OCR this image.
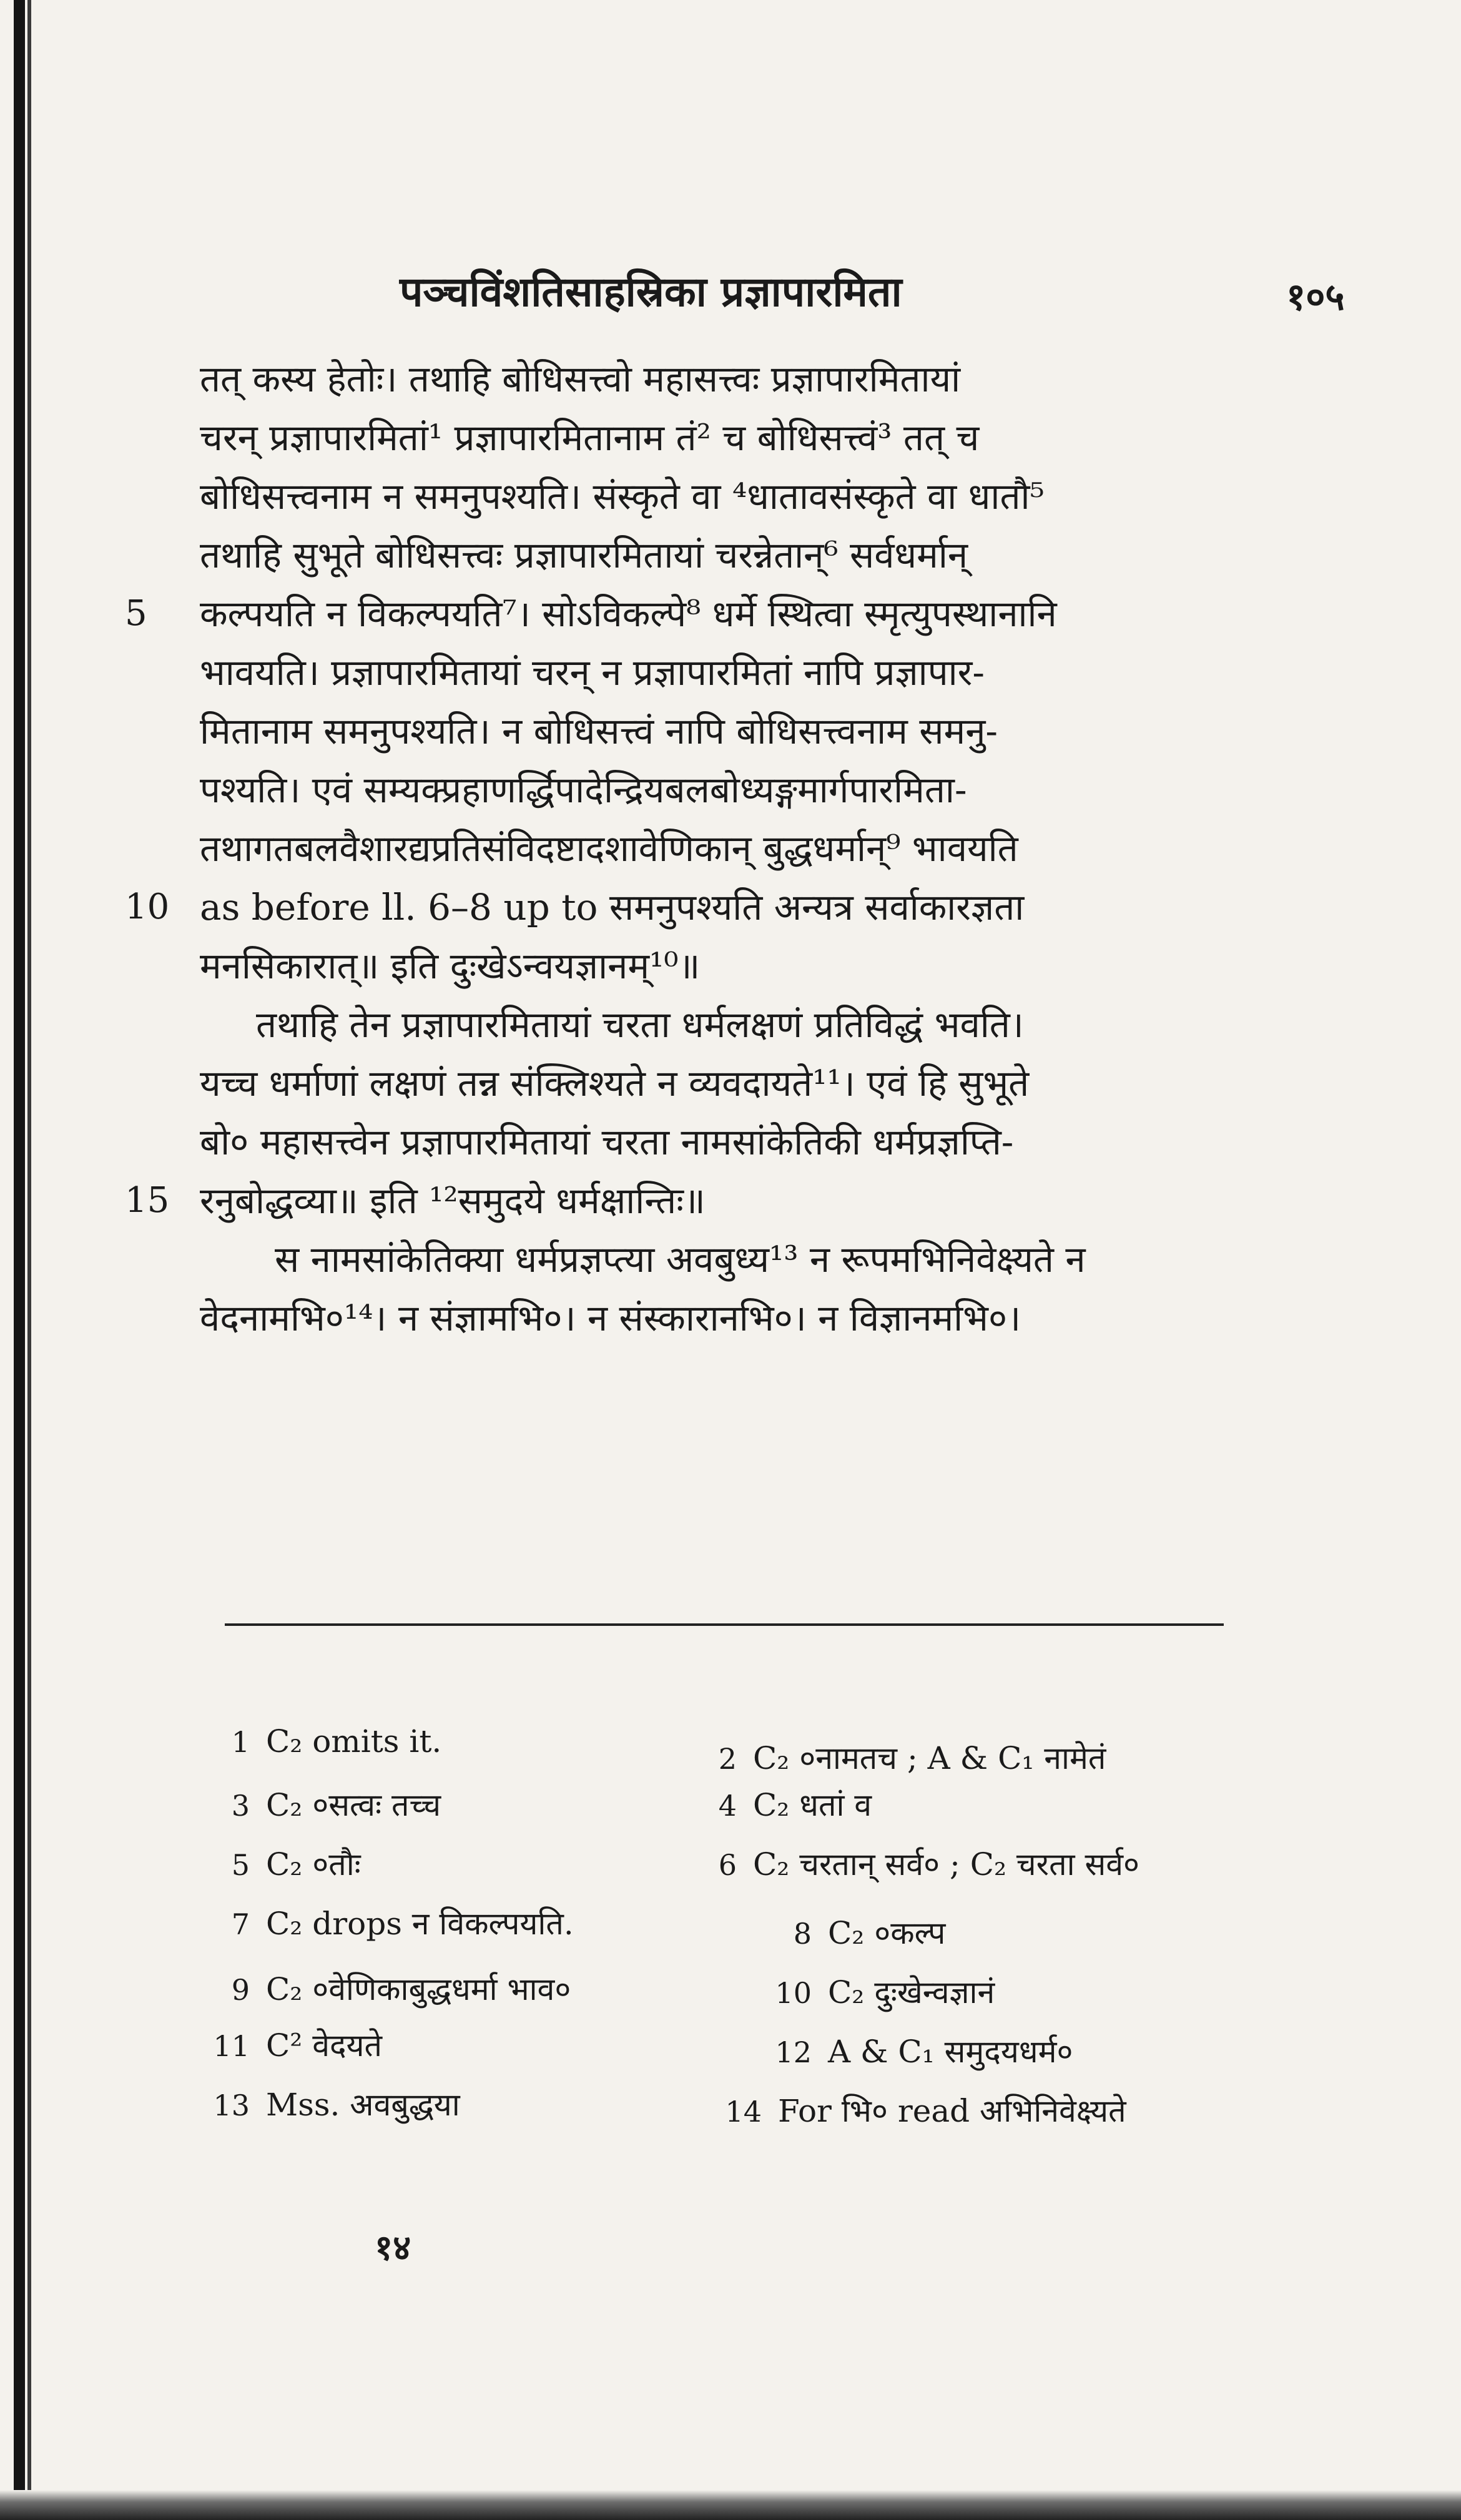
पञ्चविंशतिसाहस्रिका प्रज्ञापारमिता	१०५
तत् कस्य हेतोः। तथाहि बोधिसत्त्वो महासत्त्वः प्रज्ञापारमितायां
चरन् प्रज्ञापारमितां¹ प्रज्ञापारमितानाम तं² च बोधिसत्त्वं³ तत् च
बोधिसत्त्वनाम न समनुपश्यति। संस्कृते वा ⁴धातावसंस्कृते वा धातौ⁵
तथाहि सुभूते बोधिसत्त्वः प्रज्ञापारमितायां चरन्नेतान्⁶ सर्वधर्मान्
5 कल्पयति न विकल्पयति⁷। सोऽविकल्पे⁸ धर्मे स्थित्वा स्मृत्युपस्थानानि
भावयति। प्रज्ञापारमितायां चरन् न प्रज्ञापारमितां नापि प्रज्ञापार-
मितानाम समनुपश्यति। न बोधिसत्त्वं नापि बोधिसत्त्वनाम समनु-
पश्यति। एवं सम्यक्प्रहाणर्द्धिपादेन्द्रियबलबोध्यङ्गमार्गपारमिता-
तथागतबलवैशारद्यप्रतिसंविदष्टादशावेणिकान् बुद्धधर्मान्⁹ भावयति
10 as before ll. 6–8 up to समनुपश्यति अन्यत्र सर्वाकारज्ञता
मनसिकारात्॥ इति दुःखेऽन्वयज्ञानम्¹⁰॥
तथाहि तेन प्रज्ञापारमितायां चरता धर्मलक्षणं प्रतिविद्धं भवति।
यच्च धर्माणां लक्षणं तन्न संक्लिश्यते न व्यवदायते¹¹। एवं हि सुभूते
बो० महासत्त्वेन प्रज्ञापारमितायां चरता नामसांकेतिकी धर्मप्रज्ञप्ति-
15 रनुबोद्धव्या॥ इति ¹²समुदये धर्मक्षान्तिः॥
स नामसांकेतिक्या धर्मप्रज्ञप्त्या अवबुध्य¹³ न रूपमभिनिवेक्ष्यते न
वेदनामभि०¹⁴। न संज्ञामभि०। न संस्कारानभि०। न विज्ञानमभि०।
1 C₂ omits it.	2 C₂ ०नामतच ; A & C₁ नामेतं
3 C₂ ०सत्वः तच्च	4 C₂ धतां व
5 C₂ ०तौः	6 C₂ चरतान् सर्व० ; C₂ चरता सर्व०
7 C₂ drops न विकल्पयति.	8 C₂ ०कल्प
9 C₂ ०वेणिकाबुद्धधर्मा भाव०	10 C₂ दुःखेन्वज्ञानं
11 C² वेदयते	12 A & C₁ समुदयधर्म०
13 Mss. अवबुद्धया	14 For भि० read अभिनिवेक्ष्यते
१४
